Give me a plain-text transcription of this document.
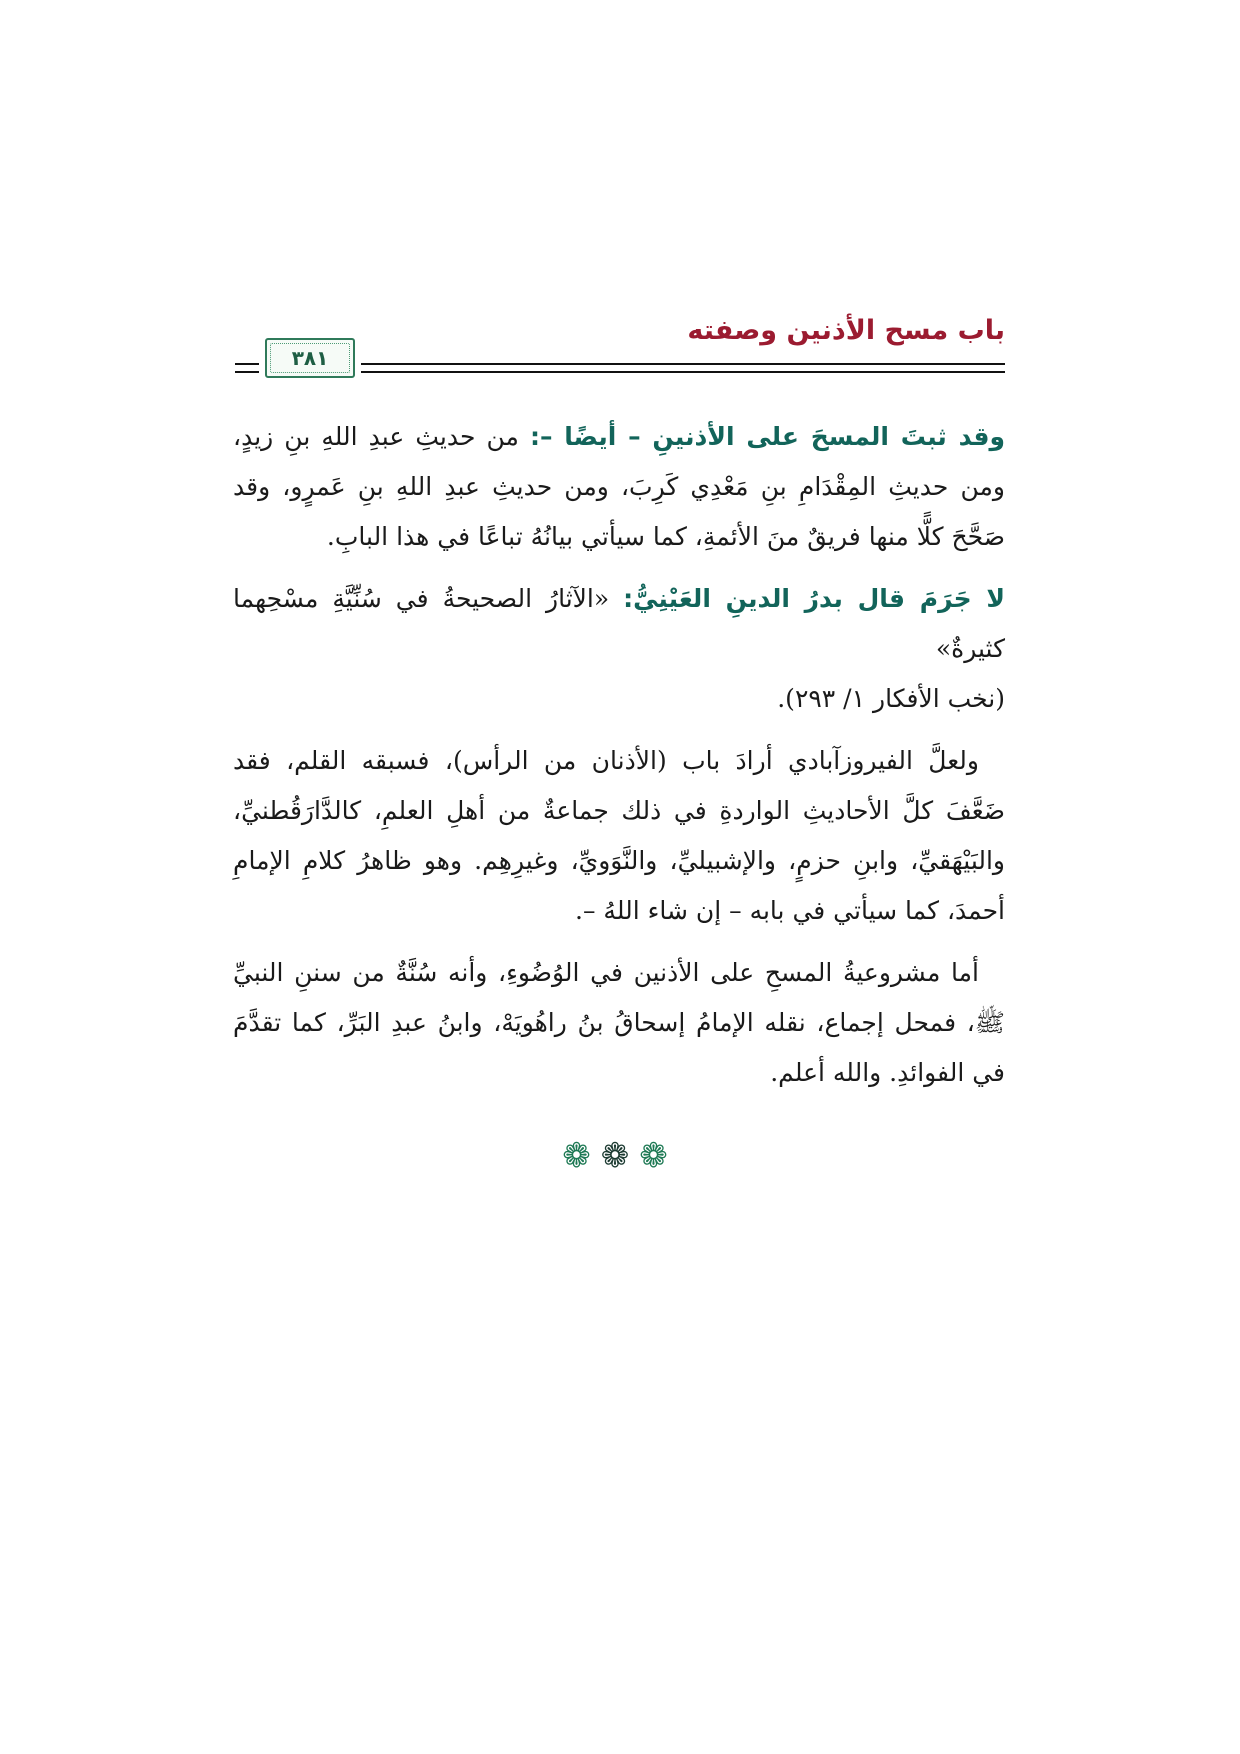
٣٨١
باب مسح الأذنين وصفته

وقد ثبتَ المسحَ على الأذنينِ – أيضًا –: من حديثِ عبدِ اللهِ بنِ زيدٍ، ومن حديثِ المِقْدَامِ بنِ مَعْدِي كَرِبَ، ومن حديثِ عبدِ اللهِ بنِ عَمرٍو، وقد صَحَّحَ كلًّا منها فريقٌ منَ الأئمةِ، كما سيأتي بيانُهُ تباعًا في هذا البابِ.

لا جَرَمَ قال بدرُ الدينِ العَيْنِيُّ: «الآثارُ الصحيحةُ في سُنِّيَّةِ مسْحِهما كثيرةٌ»
(نخب الأفكار ١/ ٢٩٣).

ولعلَّ الفيروزآبادي أرادَ باب (الأذنان من الرأس)، فسبقه القلم، فقد ضَعَّفَ كلَّ الأحاديثِ الواردةِ في ذلك جماعةٌ من أهلِ العلمِ، كالدَّارَقُطنيِّ، والبَيْهَقيِّ، وابنِ حزمٍ، والإشبيليِّ، والنَّوَويِّ، وغيرِهِم. وهو ظاهرُ كلامِ الإمامِ أحمدَ، كما سيأتي في بابه – إن شاء اللهُ –.

أما مشروعيةُ المسحِ على الأذنين في الوُضُوءِ، وأنه سُنَّةٌ من سننِ النبيِّ ﷺ، فمحل إجماع، نقله الإمامُ إسحاقُ بنُ راهُويَهْ، وابنُ عبدِ البَرِّ، كما تقدَّمَ في الفوائدِ. والله أعلم.

❁❁❁
